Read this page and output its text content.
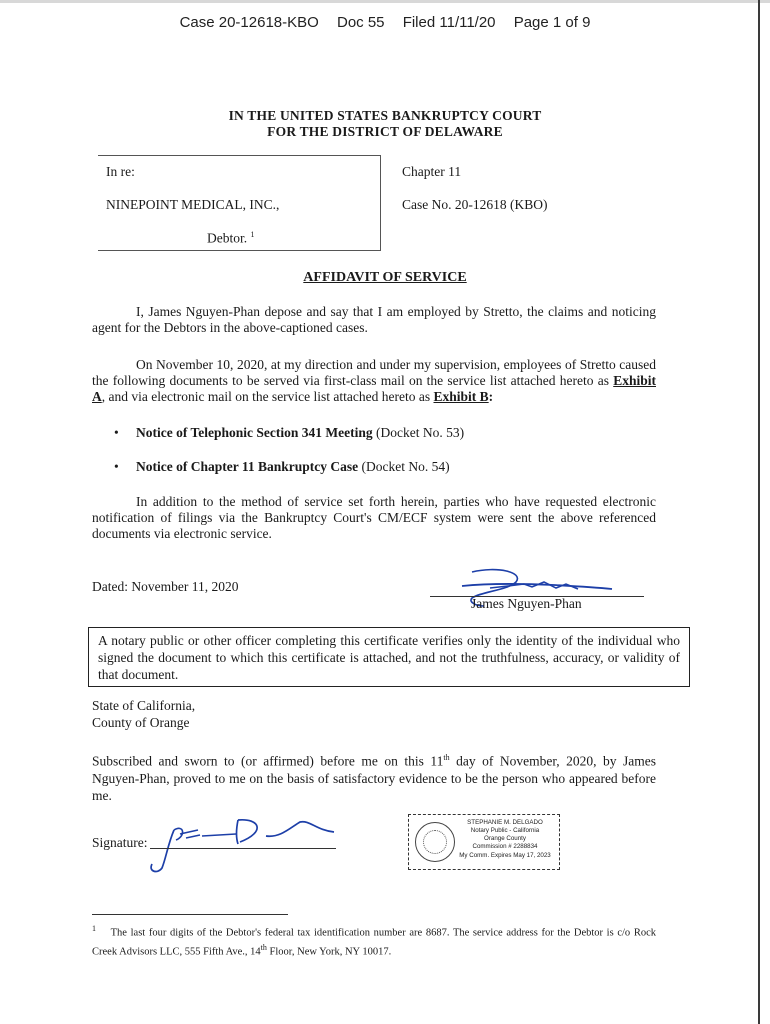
Case 20-12618-KBO Doc 55 Filed 11/11/20 Page 1 of 9
IN THE UNITED STATES BANKRUPTCY COURT
FOR THE DISTRICT OF DELAWARE
In re:
NINEPOINT MEDICAL, INC.,
Debtor. $^1$
Chapter 11
Case No. 20-12618 (KBO)
AFFIDAVIT OF SERVICE

I, James Nguyen-Phan depose and say that I am employed by Stretto, the claims and noticing agent for the Debtors in the above-captioned cases.

On November 10, 2020, at my direction and under my supervision, employees of Stretto caused the following documents to be served via first-class mail on the service list attached hereto as Exhibit A, and via electronic mail on the service list attached hereto as Exhibit B:

• Notice of Telephonic Section 341 Meeting (Docket No. 53)
• Notice of Chapter 11 Bankruptcy Case (Docket No. 54)

In addition to the method of service set forth herein, parties who have requested electronic notification of filings via the Bankruptcy Court's CM/ECF system were sent the above referenced documents via electronic service.

Dated: November 11, 2020
James Nguyen-Phan

A notary public or other officer completing this certificate verifies only the identity of the individual who signed the document to which this certificate is attached, and not the truthfulness, accuracy, or validity of that document.

State of California,
County of Orange

Subscribed and sworn to (or affirmed) before me on this 11th day of November, 2020, by James Nguyen-Phan, proved to me on the basis of satisfactory evidence to be the person who appeared before me.

Signature:
STEPHANIE M. DELGADO
Notary Public - California
Orange County
Commission # 2288834
My Comm. Expires May 17, 2023

$^1$ The last four digits of the Debtor's federal tax identification number are 8687. The service address for the Debtor is c/o Rock Creek Advisors LLC, 555 Fifth Ave., 14th Floor, New York, NY 10017.
